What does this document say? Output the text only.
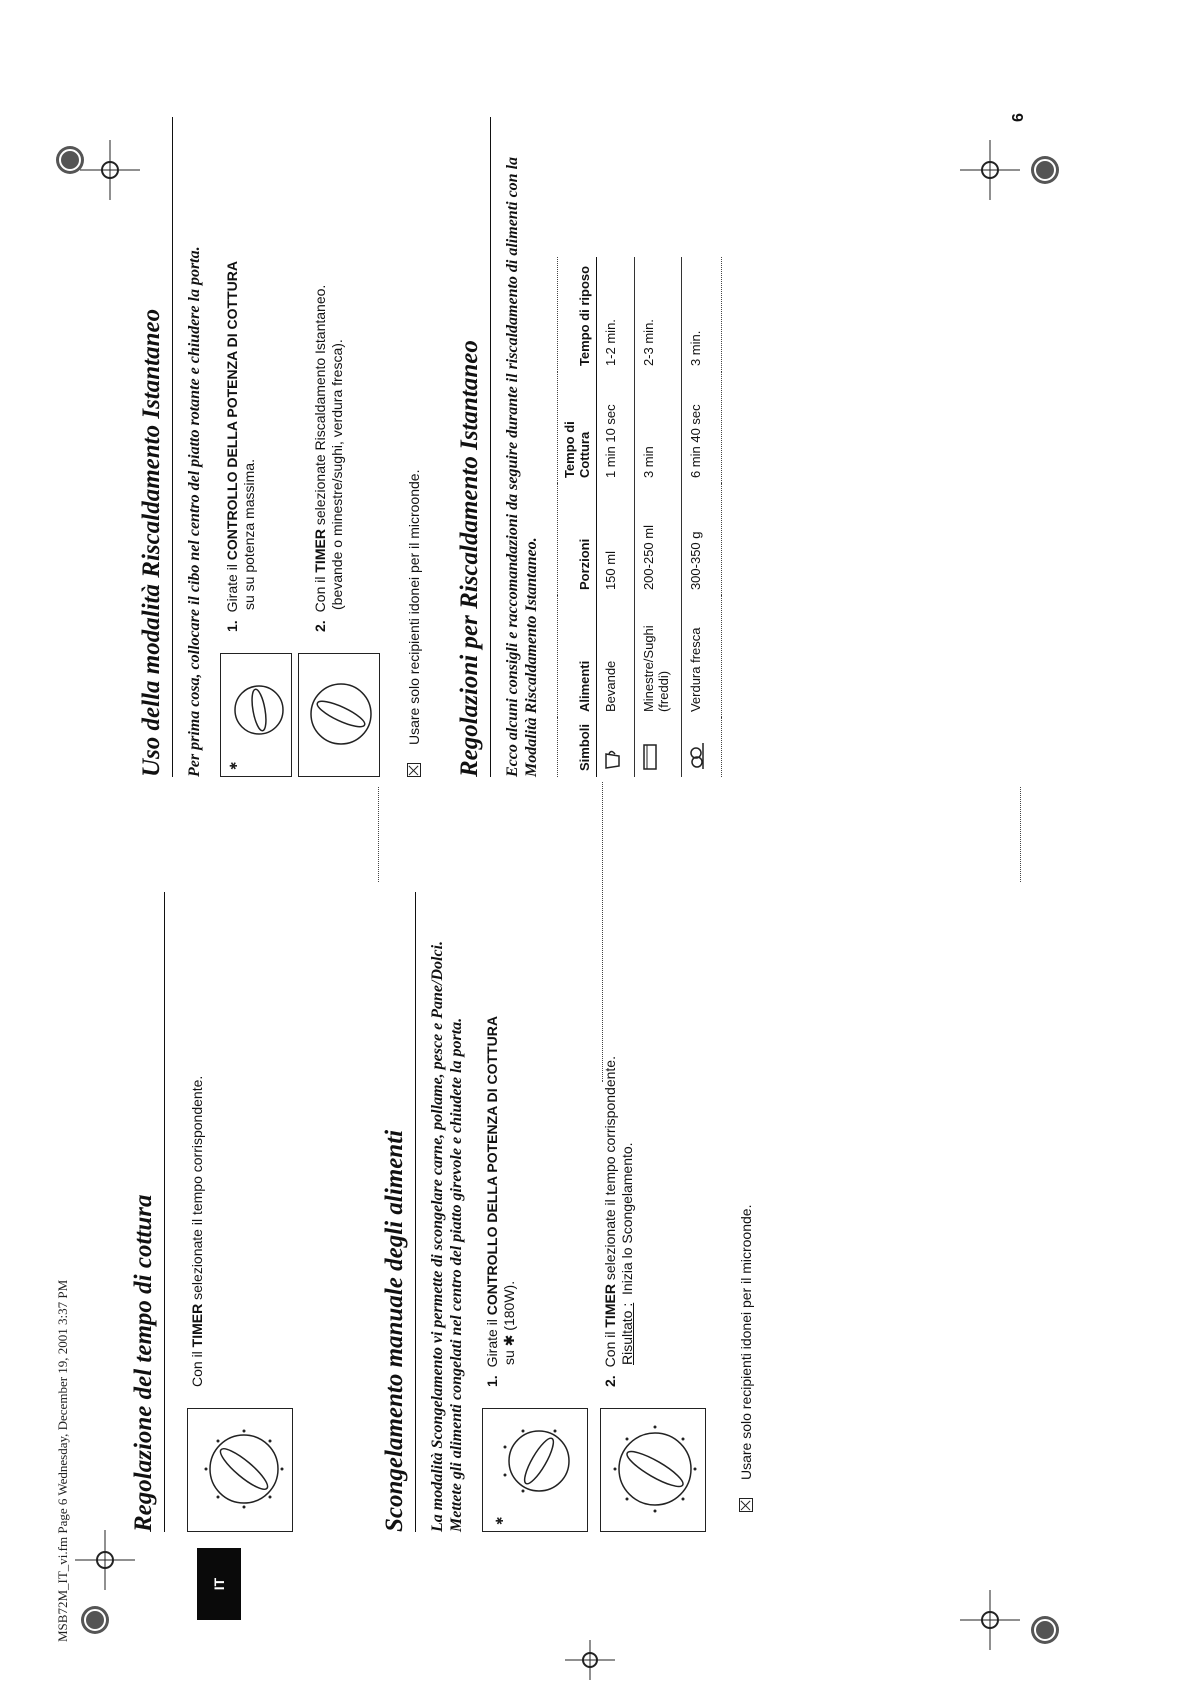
MSB72M_IT_vi.fm Page 6 Wednesday, December 19, 2001 3:37 PM	IT
Regolazione del tempo di cottura	Con il TIMER selezionate il tempo corrispondente.	Scongelamento manuale degli alimenti	La modalità Scongelamento vi permette di scongelare carne, pollame, pesce e Pane/Dolci. Mettete gli alimenti congelati nel centro del piatto girevole e chiudete la porta.	✱
1.Girate il CONTROLLO DELLA POTENZA DI COTTURA
su ✱ (180W).
2.Con il TIMER selezionate il tempo corrispondente.
Risultato :  Inizia lo Scongelamento.	Usare solo recipienti idonei per il microonde.
Uso della modalità Riscaldamento Istantaneo	Per prima cosa, collocare il cibo nel centro del piatto rotante e chiudere la porta.	✱
1.Girate il CONTROLLO DELLA POTENZA DI COTTURA su su potenza massima.
2.Con il TIMER selezionate Riscaldamento Istantaneo. (bevande o minestre/sughi, verdura fresca).	Usare solo recipienti idonei per il microonde. Regolazioni per Riscaldamento Istantaneo	Ecco alcuni consigli e raccomandazioni da seguire durante il riscaldamento di alimenti con la Modalità Riscaldamento Istantaneo.	Simboli	Alimenti	Porzioni	Tempo di Cottura	Tempo di riposo
	Bevande	150 ml	1 min 10 sec	1-2 min.
	Minestre/Sughi (freddi)	200-250 ml	3 min	2-3 min.
	Verdura fresca	300-350 g	6 min 40 sec	3 min.
6
